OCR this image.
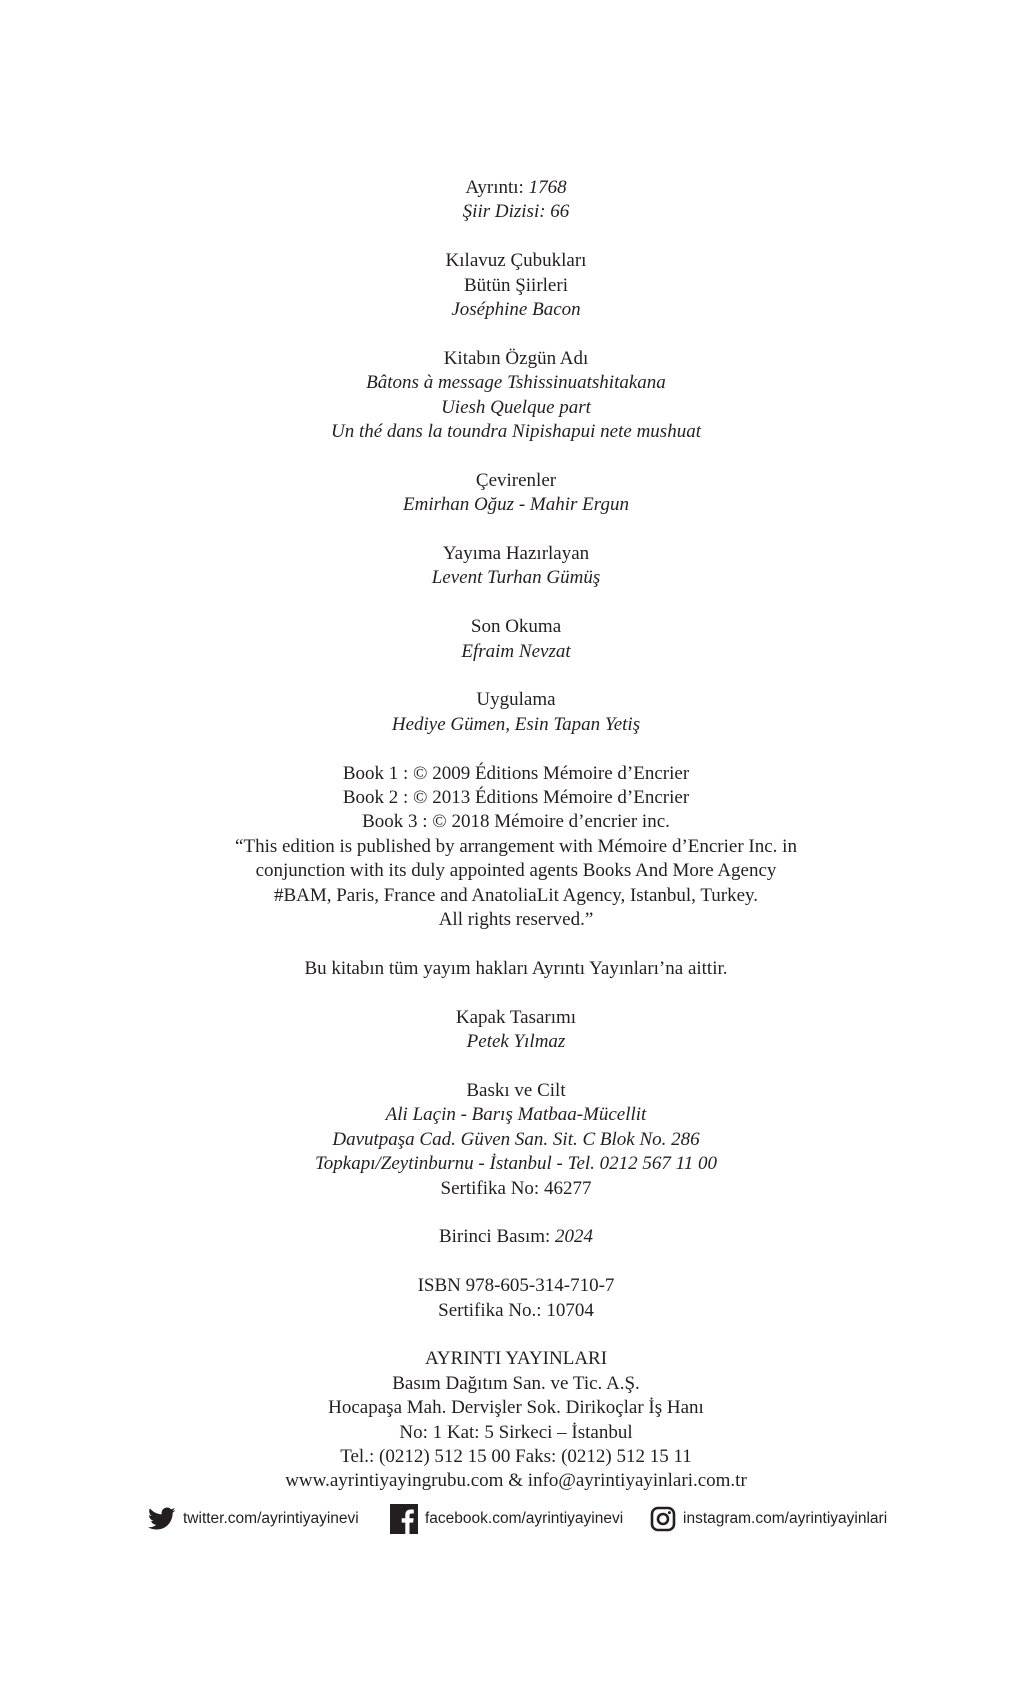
Ayrıntı: 1768
Şiir Dizisi: 66
Kılavuz Çubukları
Bütün Şiirleri
Joséphine Bacon
Kitabın Özgün Adı
Bâtons à message Tshissinuatshitakana
Uiesh Quelque part
Un thé dans la toundra Nipishapui nete mushuat
Çevirenler
Emirhan Oğuz - Mahir Ergun
Yayıma Hazırlayan
Levent Turhan Gümüş
Son Okuma
Efraim Nevzat
Uygulama
Hediye Gümen, Esin Tapan Yetiş
Book 1 : © 2009 Éditions Mémoire d’Encrier
Book 2 : © 2013 Éditions Mémoire d’Encrier
Book 3 : © 2018 Mémoire d’encrier inc.
“This edition is published by arrangement with Mémoire d’Encrier Inc. in
conjunction with its duly appointed agents Books And More Agency
#BAM, Paris, France and AnatoliaLit Agency, Istanbul, Turkey.
All rights reserved.”
Bu kitabın tüm yayım hakları Ayrıntı Yayınları’na aittir.
Kapak Tasarımı
Petek Yılmaz
Baskı ve Cilt
Ali Laçin - Barış Matbaa-Mücellit
Davutpaşa Cad. Güven San. Sit. C Blok No. 286
Topkapı/Zeytinburnu - İstanbul - Tel. 0212 567 11 00
Sertifika No: 46277
Birinci Basım: 2024
ISBN 978-605-314-710-7
Sertifika No.: 10704
AYRINTI YAYINLARI
Basım Dağıtım San. ve Tic. A.Ş.
Hocapaşa Mah. Dervişler Sok. Dirikoçlar İş Hanı
No: 1 Kat: 5 Sirkeci – İstanbul
Tel.: (0212) 512 15 00 Faks: (0212) 512 15 11
www.ayrintiyayingrubu.com & info@ayrintiyayinlari.com.tr
twitter.com/ayrintiyayinevi	facebook.com/ayrintiyayinevi	instagram.com/ayrintiyayinlari
